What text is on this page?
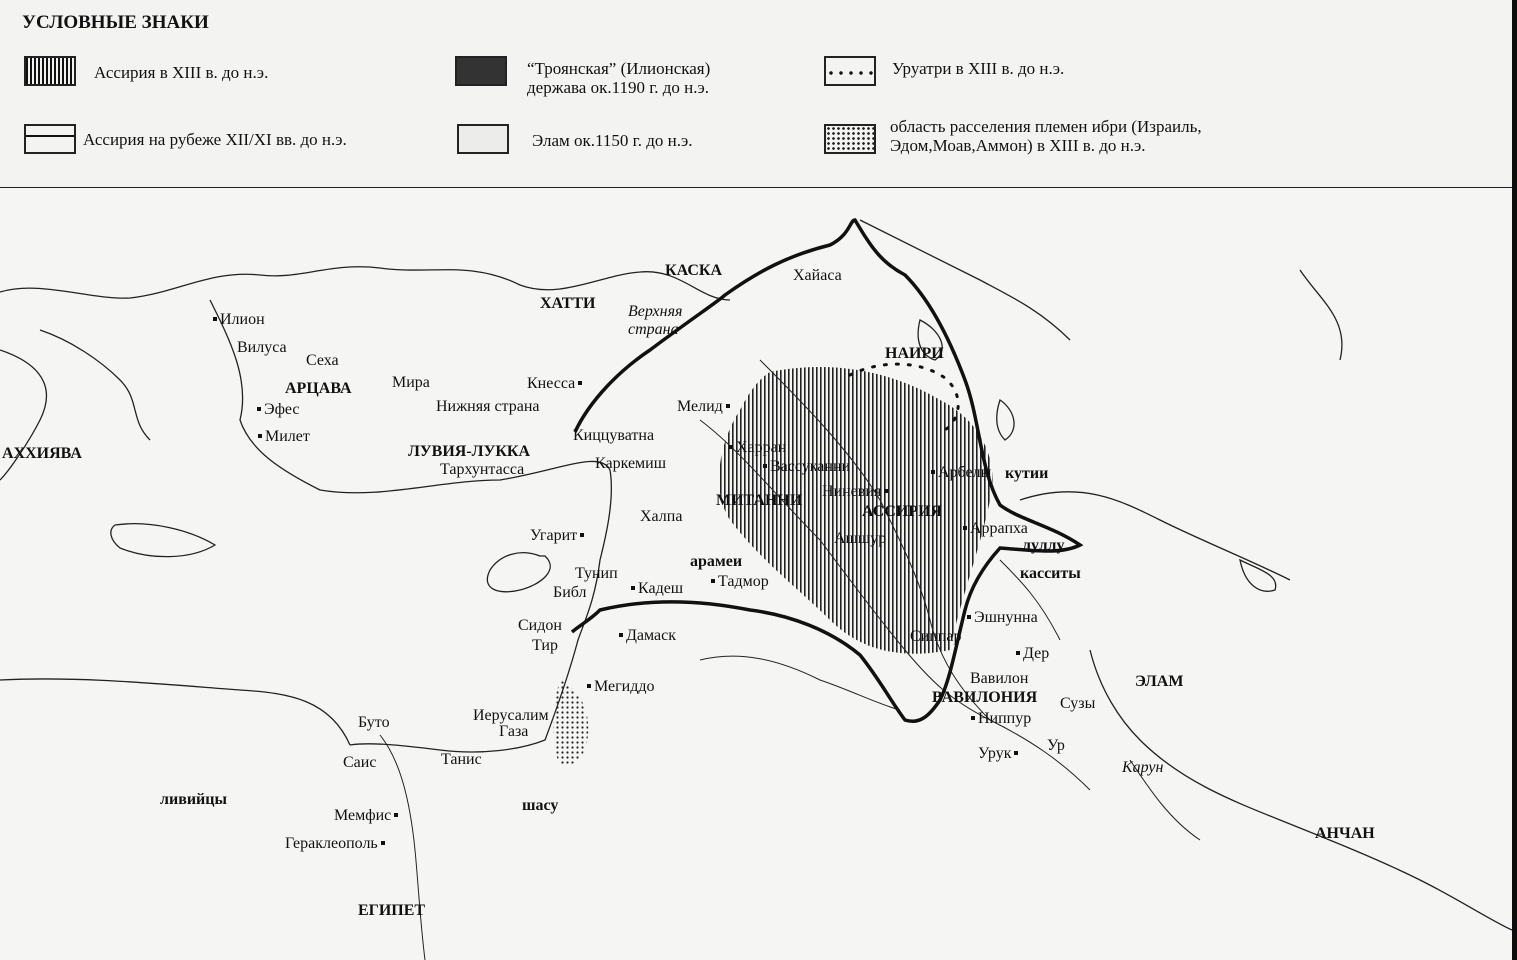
УСЛОВНЫЕ ЗНАКИ
Ассирия в XIII в. до н.э.
Ассирия на рубеже XII/XI вв. до н.э.
“Троянская” (Илионская)
держава ок.1190 г. до н.э.
Элам ок.1150 г. до н.э.
Уруатри в XIII в. до н.э.
область расселения племен ибри (Израиль,
Эдом,Моав,Аммон) в XIII в. до н.э.
КАСКА
ХАТТИ
АРЦАВА
АХХИЯВА	ЛУВИЯ-ЛУККА
МИТАННИ
АССИРИЯ
НАИРИ
ВАВИЛОНИЯ
ЭЛАМ
АНЧАН
ЕГИПЕТ
кутии
луллу
касситы
арамеи
ливийцы	шасу
Илион
Вилуса
Сеха
Мира
Эфес
Милет
Хайаса
Верхняя страна
Кнесса
Нижняя страна	Мелид
Киццуватна
Тархунтасса	Каркемиш
Харран
Вассуканни
Ниневия
Арбелы
Ашшур
Аррапха
Халпа
Угарит
Тунип
Библ	Кадеш	Тадмор
Сидон
Тир
Дамаск
Мегиддо
Иерусалим
Газа
Буто
Саис	Танис
Мемфис
Гераклеополь
Эшнунна
Сиппар
Дер
Вавилон
Ниппур
Сузы
Урук	Ур
Карун
